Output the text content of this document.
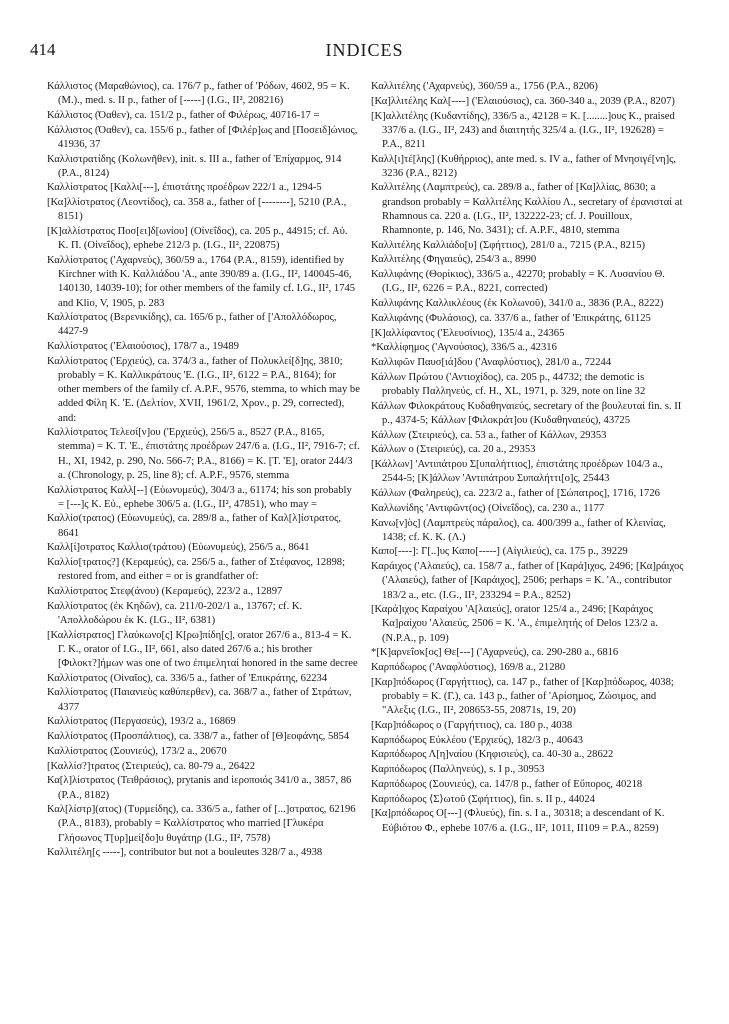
414	INDICES

Κάλλιστος (Μαραθώνιος), ca. 176/7 p., father of 'Ρόδων, 4602, 95 = K. (M.)., med. s. II p., father of [-----] (I.G., II², 208216)

Κάλλιστος (Όαθεν), ca. 151/2 p., father of Φιλέρως, 40716-17 =

Κάλλιστος (Όαθεν), ca. 155/6 p., father of [Φιλέρ]ως and [Ποσειδ]ώνιος, 41936, 37

Καλλιστρατίδης (Κολωνῆθεν), init. s. III a., father of Ἐπίχαρμος, 914 (P.A., 8124)

Καλλίστρατος [Καλλι[---], ἐπιστάτης προέδρων 222/1 a., 1294-5

[Κα]λλίστρατος (Λεοντίδος), ca. 358 a., father of [--------], 5210 (P.A., 8151)

[Κ]αλλίστρατος Ποσ[ει]δ[ωνίου] (Οἰνεΐδος), ca. 205 p., 44915; cf. Αὐ. Κ. Π. (Οἰνεΐδος), ephebe 212/3 p. (I.G., II², 220875)

Καλλίστρατος ('Αχαρνεύς), 360/59 a., 1764 (P.A., 8159), identified by Kirchner with Κ. Καλλιάδου 'Α., ante 390/89 a. (I.G., II², 140045-46, 140130, 14039-10); for other members of the family cf. I.G., II², 1745 and Klio, V, 1905, p. 283

Καλλίστρατος (Βερενικίδης), ca. 165/6 p., father of ['Απολλόδωρος, 4427-9

Καλλίστρατος ('Ελαιούσιος), 178/7 a., 19489

Καλλίστρατος ('Ερχιεύς), ca. 374/3 a., father of Πολυκλεί[δ]ης, 3810; probably = Κ. Καλλικράτους 'Ε. (I.G., II², 6122 = P.A., 8164); for other members of the family cf. A.P.F., 9576, stemma, to which may be added Φίλη Κ. 'Ε. (Δελτίον, XVII, 1961/2, Χρον., p. 29, corrected), and:

Καλλίστρατος Τελεσί[ν]ου ('Ερχιεύς), 256/5 a., 8527 (P.A., 8165, stemma) = Κ. Τ. 'Ε., ἐπιστάτης προέδρων 247/6 a. (I.G., II², 7916-7; cf. H., XI, 1942, p. 290, No. 566-7; P.A., 8166) = Κ. [Τ. 'Ε], orator 244/3 a. (Chronology, p. 25, line 8); cf. A.P.F., 9576, stemma

Καλλίστρατος Καλλ[--] (Εὐωνυμεύς), 304/3 a., 61174; his son probably = [---]ς Κ. Εὐ., ephebe 306/5 a. (I.G., II², 47851), who may =

Καλλίσ(τρατος) (Εὐωνυμεύς), ca. 289/8 a., father of Καλ[λ]ίστρατος, 8641

Καλλ[ί]στρατος Καλλισ(τράτου) (Εὐωνυμεύς), 256/5 a., 8641

Καλλίσ[τρατος?] (Κεραμεύς), ca. 256/5 a., father of Στέφανος, 12898; restored from, and either = or is grandfather of:

Καλλίστρατος Στεφ(άνου) (Κεραμεύς), 223/2 a., 12897

Καλλίστρατος (ἐκ Κηδῶν), ca. 211/0-202/1 a., 13767; cf. Κ. 'Απολλοδώρου ἐκ Κ. (I.G., II², 6381)

[Καλλίστρατος] Γλαύκωνο[ς] Κ[ρω]πίδη[ς], orator 267/6 a., 813-4 = Κ. Γ. Κ., orator of I.G., II², 661, also dated 267/6 a.; his brother [Φιλοκτ?]ήμων was one of two ἐπιμεληταί honored in the same decree

Καλλίστρατος (Οἰναῖος), ca. 336/5 a., father of 'Επικράτης, 62234

Καλλίστρατος (Παιανιεὺς καθύπερθεν), ca. 368/7 a., father of Στράτων, 4377

Καλλίστρατος (Περγασεύς), 193/2 a., 16869

Καλλίστρατος (Προσπάλτιος), ca. 338/7 a., father of [Θ]εοφάνης, 5854

Καλλίστρατος (Σουνιεύς), 173/2 a., 20670

[Καλλίσ?]τρατος (Στειριεύς), ca. 80-79 a., 26422

Κα[λ]λίστρατος (Τειθράσιος), prytanis and ἱεροποιός 341/0 a., 3857, 86 (P.A., 8182)

Καλ[λίστρ](ατος) (Τυρμείδης), ca. 336/5 a., father of [...]στρατος, 62196 (P.A., 8183), probably = Καλλίστρατος who married [Γλυκέρα Γλήσωνος Τ[υρ]μεί[δο]υ θυγάτηρ (I.G., II², 7578)

Καλλιτέλη[ς -----], contributor but not a bouleutes 328/7 a., 4938

Καλλιτέλης ('Αχαρνεύς), 360/59 a., 1756 (P.A., 8206)

[Κα]λλιτέλης Καλ[----] ('Ελαιούσιος), ca. 360-340 a., 2039 (P.A., 8207)

[Κ]αλλιτέλης (Κυδαντίδης), 336/5 a., 42128 = Κ. [........]ους Κ., praised 337/6 a. (I.G., II², 243) and διαιτητής 325/4 a. (I.G., II², 192628) = P.A., 8211

Καλλ[ι]τέ[λης] (Κυθήρριος), ante med. s. IV a., father of Μνησιγέ[νη]ς, 3236 (P.A., 8212)

Καλλιτέλης (Λαμπτρεύς), ca. 289/8 a., father of [Κα]λλίας, 8630; a grandson probably = Καλλιτέλης Καλλίου Λ., secretary of ἐρανισταί at Rhamnous ca. 220 a. (I.G., II², 132222-23; cf. J. Pouilloux, Rhamnonte, p. 146, No. 3431); cf. A.P.F., 4810, stemma

Καλλιτέλης Καλλιάδο[υ] (Σφήττιος), 281/0 a., 7215 (P.A., 8215)

Καλλιτέλης (Φηγαιεύς), 254/3 a., 8990

Καλλιφάνης (Θορίκιος), 336/5 a., 42270; probably = Κ. Λυσανίου Θ. (I.G., II², 6226 = P.A., 8221, corrected)

Καλλιφάνης Καλλικλέους (ἐκ Κολωνοῦ), 341/0 a., 3836 (P.A., 8222)

Καλλιφάνης (Φυλάσιος), ca. 337/6 a., father of 'Επικράτης, 61125

[Κ]αλλίφαντος ('Ελευσίνιος), 135/4 a., 24365

*Καλλίφημος ('Αγνούσιος), 336/5 a., 42316

Καλλιφῶν Παυσ[ιά]δου ('Αναφλύστιος), 281/0 a., 72244

Κάλλων Πρώτου ('Αντιοχίδος), ca. 205 p., 44732; the demotic is probably Παλληνεύς, cf. H., XL, 1971, p. 329, note on line 32

Κάλλων Φιλοκράτους Κυδαθηναιεύς, secretary of the βουλευταί fin. s. II p., 4374-5; Κάλλων [Φιλοκράτ]ου (Κυδαθηναιεύς), 43725

Κάλλων (Στειριεύς), ca. 53 a., father of Κάλλων, 29353

Κάλλων ο (Στειριεύς), ca. 20 a., 29353

[Κάλλων] 'Αντιπάτρου Σ[υπαλήττιος], ἐπιστάτης προέδρων 104/3 a., 2544-5; [Κ]άλλων 'Αντιπάτρου Συπαλήττι[ο]ς, 25443

Κάλλων (Φαληρεύς), ca. 223/2 a., father of [Σώπατρος], 1716, 1726

Καλλωνίδης 'Αντιφῶντ(ος) (Οἰνεΐδος), ca. 230 a., 1177

Κανω[ν]ὸς] (Λαμπτρεὺς πάραλος), ca. 400/399 a., father of Κλεινίας, 1438; cf. Κ. Κ. (Λ.)

Καπο[----]: Γ[..]υς Καπο[-----] (Αἰγιλιεύς), ca. 175 p., 39229

Καράιχος ('Αλαιεύς), ca. 158/7 a., father of [Καρά]ιχος, 2496; [Κα]ράιχος ('Αλαιεύς), father of [Καράιχος], 2506; perhaps = Κ. 'Α., contributor 183/2 a., etc. (I.G., II², 233294 = P.A., 8252)

[Καρά]ιχος Καραίχου 'Α[λαιεύς], orator 125/4 a., 2496; [Καράιχος Κα]ραίχου 'Αλαιεύς, 2506 = Κ. 'Α., ἐπιμελητής of Delos 123/2 a. (N.P.A., p. 109)

*[Κ]αρνεΐσκ[ος] Θε[---] ('Αχαρνεύς), ca. 290-280 a., 6816

Καρπόδωρος ('Αναφλύστιος), 169/8 a., 21280

[Καρ]πόδωρος (Γαργήττιος), ca. 147 p., father of [Καρ]πόδωρος, 4038; probably = Κ. (Γ.), ca. 143 p., father of 'Αρίσημος, Ζώσιμος, and "Αλεξις (I.G., II², 208653-55, 20871s, 19, 20)

[Καρ]πόδωρος ο (Γαργήττιος), ca. 180 p., 4038

Καρπόδωρος Εὐκλέου ('Ερχιεύς), 182/3 p., 40643

Καρπόδωρος Λ[η]ναίου (Κηφισιεύς), ca. 40-30 a., 28622

Καρπόδωρος (Παλληνεύς), s. I p., 30953

Καρπόδωρος (Σουνιεύς), ca. 147/8 p., father of Εὔπορος, 40218

Καρπόδωρος ⟨Σ⟩ωτοῦ (Σφήττιος), fin. s. II p., 44024

[Κα]ρπόδωρος Ο[---] (Φλυεύς), fin. s. I a., 30318; a descendant of Κ. Εὐβιότου Φ., ephebe 107/6 a. (I.G., II², 1011, II109 = P.A., 8259)
